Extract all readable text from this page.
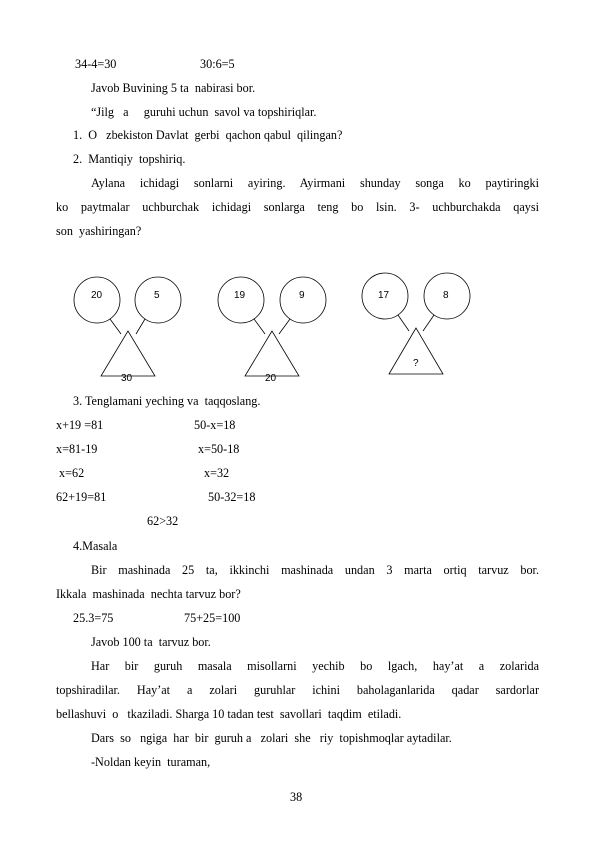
34-4=30	30:6=5
Javob Buvining 5 ta  nabirasi bor.
“Jilg   a     guruhi uchun  savol va topshiriqlar.
1.  O   zbekiston Davlat  gerbi  qachon qabul  qilingan?
2.  Mantiqiy  topshiriq.
Aylana ichidagi sonlarni ayiring. Ayirmani shunday songa ko paytiringki
ko paytmalar uchburchak ichidagi sonlarga teng bo lsin. 3- uchburchakda qaysi
son  yashiringan?
20	5
30
19	9
20
17	8
?
3. Tenglamani yeching va  taqqoslang.
x+19 =81	50-x=18
x=81-19	x=50-18
x=62	x=32
62+19=81	50-32=18
62>32
4.Masala
Bir mashinada 25 ta, ikkinchi mashinada undan 3 marta ortiq tarvuz bor.
Ikkala  mashinada  nechta tarvuz bor?
25.3=75	75+25=100
Javob 100 ta  tarvuz bor.
Har bir guruh masala misollarni yechib bo lgach, hay’at a zolarida
topshiradilar. Hay’at a zolari guruhlar ichini baholaganlarida qadar sardorlar
bellashuvi  o   tkaziladi. Sharga 10 tadan test  savollari  taqdim  etiladi.
Dars  so   ngiga  har  bir  guruh a   zolari  she   riy  topishmoqlar aytadilar.
-Noldan keyin  turaman,
38
